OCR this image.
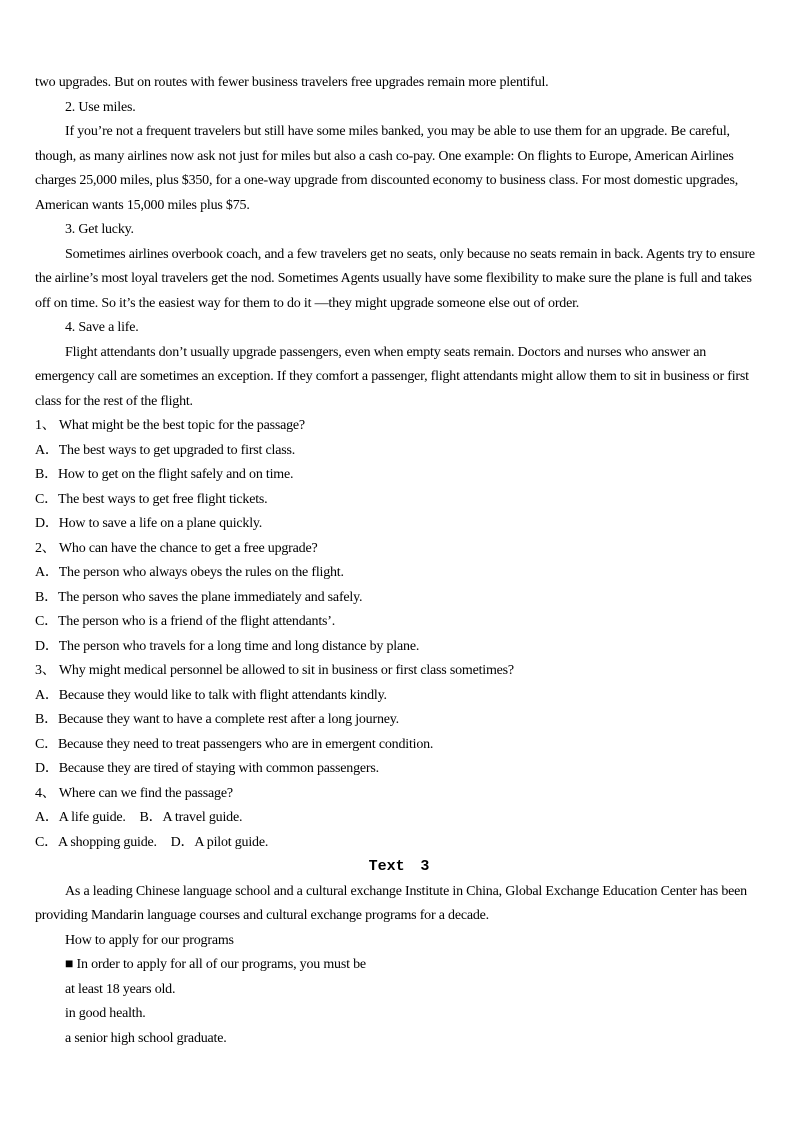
two upgrades. But on routes with fewer business travelers free upgrades remain more plentiful.

2. Use miles.

If you’re not a frequent travelers but still have some miles banked, you may be able to use them for an upgrade. Be careful, though, as many airlines now ask not just for miles but also a cash co-pay. One example: On flights to Europe, American Airlines charges 25,000 miles, plus $350, for a one-way upgrade from discounted economy to business class. For most domestic upgrades, American wants 15,000 miles plus $75.

3. Get lucky.

Sometimes airlines overbook coach, and a few travelers get no seats, only because no seats remain in back. Agents try to ensure the airline’s most loyal travelers get the nod. Sometimes Agents usually have some flexibility to make sure the plane is full and takes off on time. So it’s the easiest way for them to do it —they might upgrade someone else out of order.

4. Save a life.

Flight attendants don’t usually upgrade passengers, even when empty seats remain. Doctors and nurses who answer an emergency call are sometimes an exception. If they comfort a passenger, flight attendants might allow them to sit in business or first class for the rest of the flight.

1、 What might be the best topic for the passage?

A．The best ways to get upgraded to first class.

B．How to get on the flight safely and on time.

C．The best ways to get free flight tickets.

D．How to save a life on a plane quickly.

2、 Who can have the chance to get a free upgrade?

A．The person who always obeys the rules on the flight.

B．The person who saves the plane immediately and safely.

C．The person who is a friend of the flight attendants’.

D．The person who travels for a long time and long distance by plane.

3、 Why might medical personnel be allowed to sit in business or first class sometimes?

A．Because they would like to talk with flight attendants kindly.

B．Because they want to have a complete rest after a long journey.

C．Because they need to treat passengers who are in emergent condition.

D．Because they are tired of staying with common passengers.

4、 Where can we find the passage?

A．A life guide.　B．A travel guide.

C．A shopping guide.　D．A pilot guide.

Text 3

As a leading Chinese language school and a cultural exchange Institute in China, Global Exchange Education Center has been providing Mandarin language courses and cultural exchange programs for a decade.

How to apply for our programs

■ In order to apply for all of our programs, you must be

at least 18 years old.

in good health.

a senior high school graduate.
